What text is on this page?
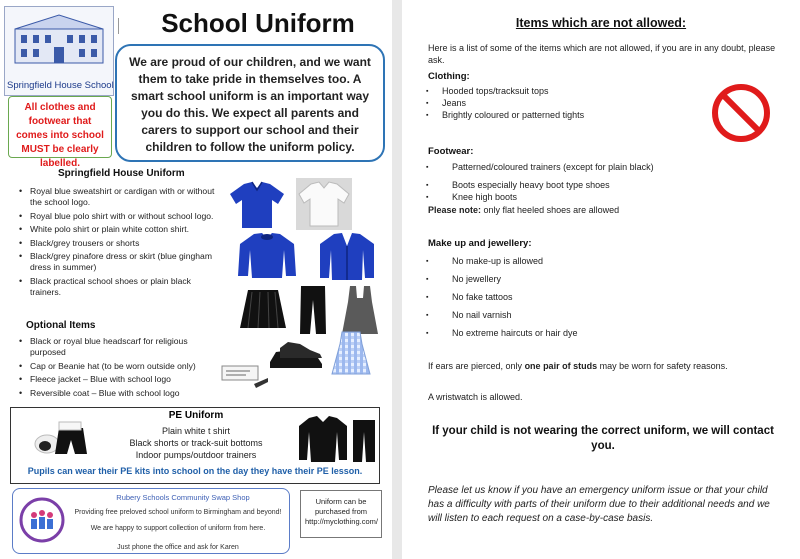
Springfield House School
School Uniform
We are proud of our children, and we want them to take pride in themselves too. A smart school uniform is an important way you do this. We expect all parents and carers to support our school and their children to follow the uniform policy.
All clothes and footwear that comes into school MUST be clearly labelled.
Springfield House Uniform
• Royal blue sweatshirt or cardigan with or without the school logo.
• Royal blue polo shirt with or without school logo.
• White polo shirt or plain white cotton shirt.
• Black/grey trousers or shorts
• Black/grey pinafore dress or skirt (blue gingham dress in summer)
• Black practical school shoes or plain black trainers.
Optional Items
• Black or royal blue headscarf for religious purposed
• Cap or Beanie hat (to be worn outside only)
• Fleece jacket – Blue with school logo
• Reversible coat – Blue with school logo
PE Uniform
Plain white t shirt
Black shorts or track-suit bottoms
Indoor pumps/outdoor trainers
Pupils can wear their PE kits into school on the day they have their PE lesson.
Rubery Schools Community Swap Shop
Providing free preloved school uniform to Birmingham and beyond!
We are happy to support collection of uniform from here.
Just phone the office and ask for Karen
Uniform can be purchased from http://myclothing.com/
Items which are not allowed:
Here is a list of some of the items which are not allowed, if you are in any doubt, please ask.
Clothing:
▪	Hooded tops/tracksuit tops
▪	Jeans
▪	Brightly coloured or patterned tights
Footwear:
▪	Patterned/coloured trainers (except for plain black)
▪	Boots especially heavy boot type shoes
▪	Knee high boots
Please note: only flat heeled shoes are allowed
Make up and jewellery:
▪	No make-up is allowed
▪	No jewellery
▪	No fake tattoos
▪	No nail varnish
▪	No extreme haircuts or hair dye
If ears are pierced, only one pair of studs may be worn for safety reasons.
A wristwatch is allowed.
If your child is not wearing the correct uniform, we will contact you.
Please let us know if you have an emergency uniform issue or that your child has a difficulty with parts of their uniform due to their additional needs and we will listen to each request on a case-by-case basis.
